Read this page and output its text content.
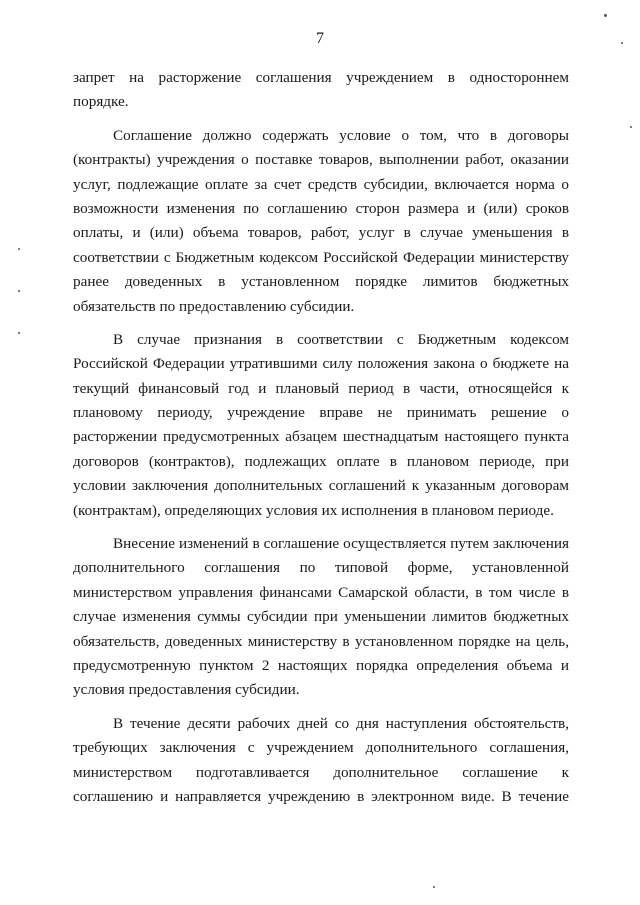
7
запрет на расторжение соглашения учреждением в одностороннем
порядке.
Соглашение должно содержать условие о том, что в договоры
(контракты) учреждения о поставке товаров, выполнении работ, оказании
услуг, подлежащие оплате за счет средств субсидии, включается норма о
возможности изменения по соглашению сторон размера и (или) сроков
оплаты, и (или) объема товаров, работ, услуг в случае уменьшения в
соответствии с Бюджетным кодексом Российской Федерации министерству
ранее доведенных в установленном порядке лимитов бюджетных
обязательств по предоставлению субсидии.
В случае признания в соответствии с Бюджетным кодексом
Российской Федерации утратившими силу положения закона о бюджете на
текущий финансовый год и плановый период в части, относящейся к
плановому периоду, учреждение вправе не принимать решение о
расторжении предусмотренных абзацем шестнадцатым настоящего пункта
договоров (контрактов), подлежащих оплате в плановом периоде, при
условии заключения дополнительных соглашений к указанным договорам
(контрактам), определяющих условия их исполнения в плановом периоде.
Внесение изменений в соглашение осуществляется путем заключения
дополнительного соглашения по типовой форме, установленной
министерством управления финансами Самарской области, в том числе в
случае изменения суммы субсидии при уменьшении лимитов бюджетных
обязательств, доведенных министерству в установленном порядке на цель,
предусмотренную пунктом 2 настоящих порядка определения объема и
условия предоставления субсидии.
В течение десяти рабочих дней со дня наступления обстоятельств,
требующих заключения с учреждением дополнительного соглашения,
министерством подготавливается дополнительное соглашение к
соглашению и направляется учреждению в электронном виде. В течение
